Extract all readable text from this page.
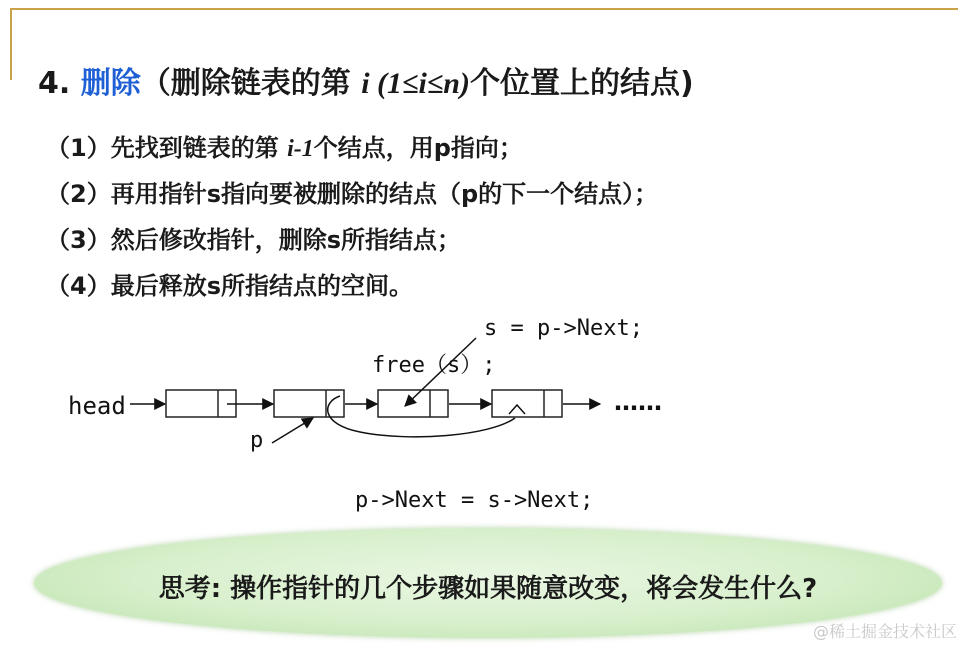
4. 删除（删除链表的第 i (1≤i≤n)个位置上的结点)
（1）先找到链表的第 i-1个结点，用p指向；
（2）再用指针s指向要被删除的结点（p的下一个结点）；
（3）然后修改指针，删除s所指结点；
（4）最后释放s所指结点的空间。
head
p
s = p->Next;
free（s）;
p->Next = s->Next;
……
思考: 操作指针的几个步骤如果随意改变，将会发生什么?
@稀土掘金技术社区
